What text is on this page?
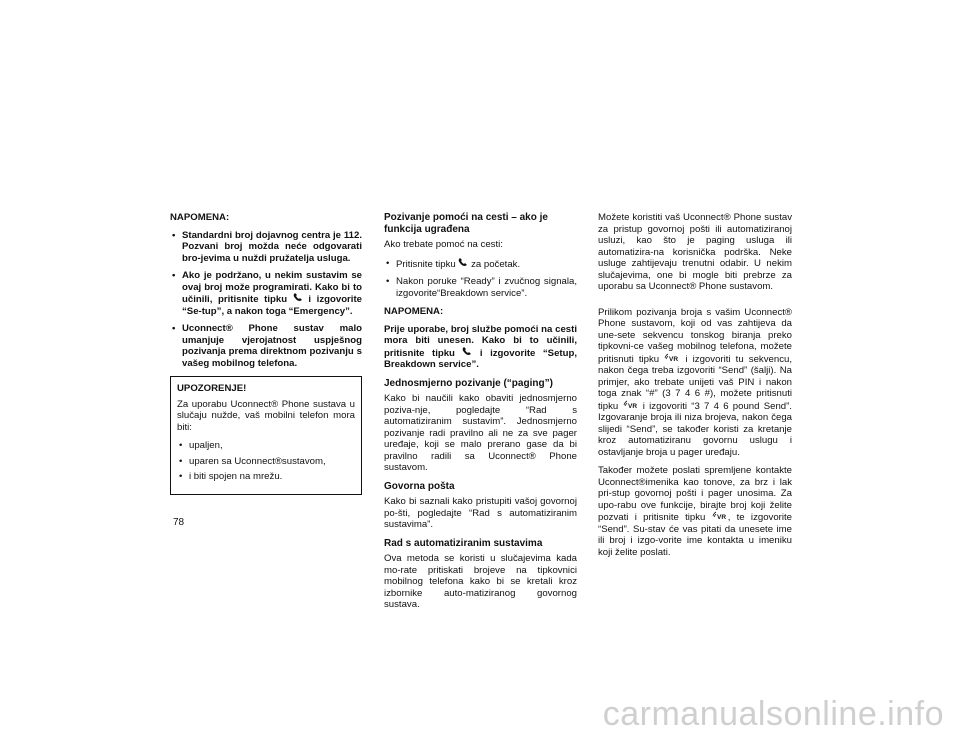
NAPOMENA:
• Standardni broj dojavnog centra je 112. Pozvani broj možda neće odgovarati bro-jevima u nuždi pružatelja usluga.
• Ako je podržano, u nekim sustavim se ovaj broj može programirati. Kako bi to učinili, pritisnite tipku i izgovorite “Se-tup”, a nakon toga “Emergency”.
• Uconnect® Phone sustav malo umanjuje vjerojatnost uspješnog pozivanja prema direktnom pozivanju s vašeg mobilnog telefona.
UPOZORENJE!

Za uporabu Uconnect® Phone sustava u slučaju nužde, vaš mobilni telefon mora biti:

• upaljen,
• uparen sa Uconnect®sustavom,
• i biti spojen na mrežu.
Pozivanje pomoći na cesti – ako je funkcija ugrađena

Ako trebate pomoć na cesti:

• Pritisnite tipku za početak.
• Nakon poruke “Ready” i zvučnog signala, izgovorite“Breakdown service”.
NAPOMENA:

Prije uporabe, broj službe pomoći na cesti mora biti unesen. Kako bi to učinili, pritisnite tipku	i izgovorite “Setup, Breakdown service”.

Jednosmjerno pozivanje (“paging”)

Kako bi naučili kako obaviti jednosmjerno poziva-nje, pogledajte “Rad s automatiziranim sustavim”. Jednosmjerno pozivanje radi pravilno ali ne za sve pager uređaje, koji se malo prerano gase da bi pravilno radili sa Uconnect® Phone sustavom.

Govorna pošta

Kako bi saznali kako pristupiti vašoj govornoj po-šti, pogledajte “Rad s automatiziranim sustavima”.

Rad s automatiziranim sustavima

Ova metoda se koristi u slučajevima kada mo-rate pritiskati brojeve na tipkovnici mobilnog telefona kako bi se kretali kroz izbornike auto-matiziranog govornog sustava.

Možete koristiti vaš Uconnect® Phone sustav za pristup govornoj pošti ili automatiziranoj usluzi, kao što je paging usluga ili automatizira-na korisnička podrška. Neke usluge zahtijevaju trenutni odabir. U nekim slučajevima, one bi mogle biti prebrze za uporabu sa Uconnect® Phone sustavom.

Prilikom pozivanja broja s vašim Uconnect® Phone sustavom, koji od vas zahtijeva da une-sete sekvencu tonskog biranja preko tipkovni-ce vašeg mobilnog telefona, možete pritisnuti tipku VR i izgovoriti tu sekvencu, nakon čega treba izgovoriti “Send” (šalji). Na primjer, ako trebate unijeti vaš PIN i nakon toga znak “#” (3 7 4 6 #), možete pritisnuti tipku VR i izgovoriti “3 7 4 6 pound Send”. Izgovaranje broja ili niza brojeva, nakon čega slijedi “Send”, se također koristi za kretanje kroz automatiziranu govornu uslugu i ostavljanje broja u pager uređaju.

Također možete poslati spremljene kontakte Uconnect®imenika kao tonove, za brz i lak pri-stup govornoj pošti i pager unosima. Za upo-rabu ove funkcije, birajte broj koji želite pozvati i pritisnite tipku VR , te izgovorite “Send”. Su-stav će vas pitati da unesete ime ili broj i izgo-vorite ime kontakta u imeniku koji želite poslati.

78
carmanualsonline.info
